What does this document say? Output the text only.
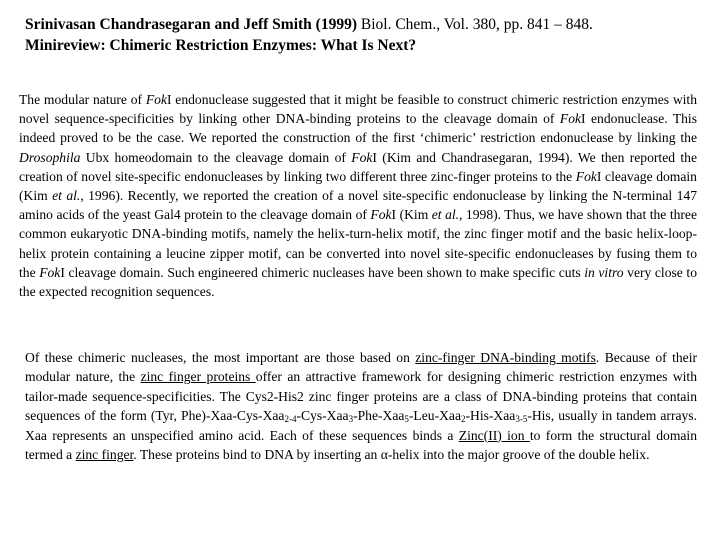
Srinivasan Chandrasegaran and Jeff Smith (1999) Biol. Chem., Vol. 380, pp. 841 – 848.
Minireview: Chimeric Restriction Enzymes: What Is Next?

The modular nature of FokI endonuclease suggested that it might be feasible to construct chimeric restriction enzymes with novel sequence-specificities by linking other DNA-binding proteins to the cleavage domain of FokI endonuclease. This indeed proved to be the case. We reported the construction of the first ‘chimeric’ restriction endonuclease by linking the Drosophila Ubx homeodomain to the cleavage domain of FokI (Kim and Chandrasegaran, 1994). We then reported the creation of novel site-specific endonucleases by linking two different three zinc-finger proteins to the FokI cleavage domain (Kim et al., 1996). Recently, we reported the creation of a novel site-specific endonuclease by linking the N-terminal 147 amino acids of the yeast Gal4 protein to the cleavage domain of FokI (Kim et al., 1998). Thus, we have shown that the three common eukaryotic DNA-binding motifs, namely the helix-turn-helix motif, the zinc finger motif and the basic helix-loop-helix protein containing a leucine zipper motif, can be converted into novel site-specific endonucleases by fusing them to the FokI cleavage domain. Such engineered chimeric nucleases have been shown to make specific cuts in vitro very close to the expected recognition sequences.

Of these chimeric nucleases, the most important are those based on zinc-finger DNA-binding motifs. Because of their modular nature, the zinc finger proteins offer an attractive framework for designing chimeric restriction enzymes with tailor-made sequence-specificities. The Cys2-His2 zinc finger proteins are a class of DNA-binding proteins that contain sequences of the form (Tyr, Phe)-Xaa-Cys-Xaa$_{2-4}$-Cys-Xaa$_3$-Phe-Xaa$_5$-Leu-Xaa$_2$-His-Xaa$_{3-5}$-His, usually in tandem arrays. Xaa represents an unspecified amino acid. Each of these sequences binds a Zinc(II) ion to form the structural domain termed a zinc finger. These proteins bind to DNA by inserting an α-helix into the major groove of the double helix.
